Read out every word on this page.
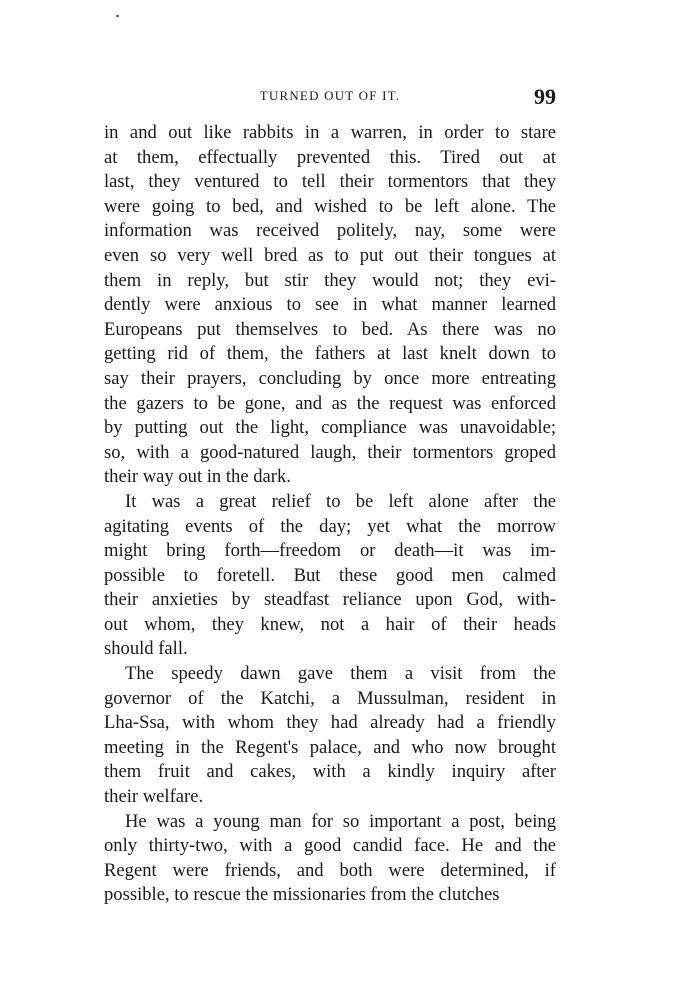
TURNED OUT OF IT.	99
in and out like rabbits in a warren, in order to stare
at them, effectually prevented this. Tired out at
last, they ventured to tell their tormentors that they
were going to bed, and wished to be left alone. The
information was received politely, nay, some were
even so very well bred as to put out their tongues at
them in reply, but stir they would not; they evi-
dently were anxious to see in what manner learned
Europeans put themselves to bed. As there was no
getting rid of them, the fathers at last knelt down to
say their prayers, concluding by once more entreating
the gazers to be gone, and as the request was enforced
by putting out the light, compliance was unavoidable;
so, with a good-natured laugh, their tormentors groped
their way out in the dark.
It was a great relief to be left alone after the
agitating events of the day; yet what the morrow
might bring forth—freedom or death—it was im-
possible to foretell. But these good men calmed
their anxieties by steadfast reliance upon God, with-
out whom, they knew, not a hair of their heads
should fall.
The speedy dawn gave them a visit from the
governor of the Katchi, a Mussulman, resident in
Lha-Ssa, with whom they had already had a friendly
meeting in the Regent's palace, and who now brought
them fruit and cakes, with a kindly inquiry after
their welfare.
He was a young man for so important a post, being
only thirty-two, with a good candid face. He and the
Regent were friends, and both were determined, if
possible, to rescue the missionaries from the clutches
